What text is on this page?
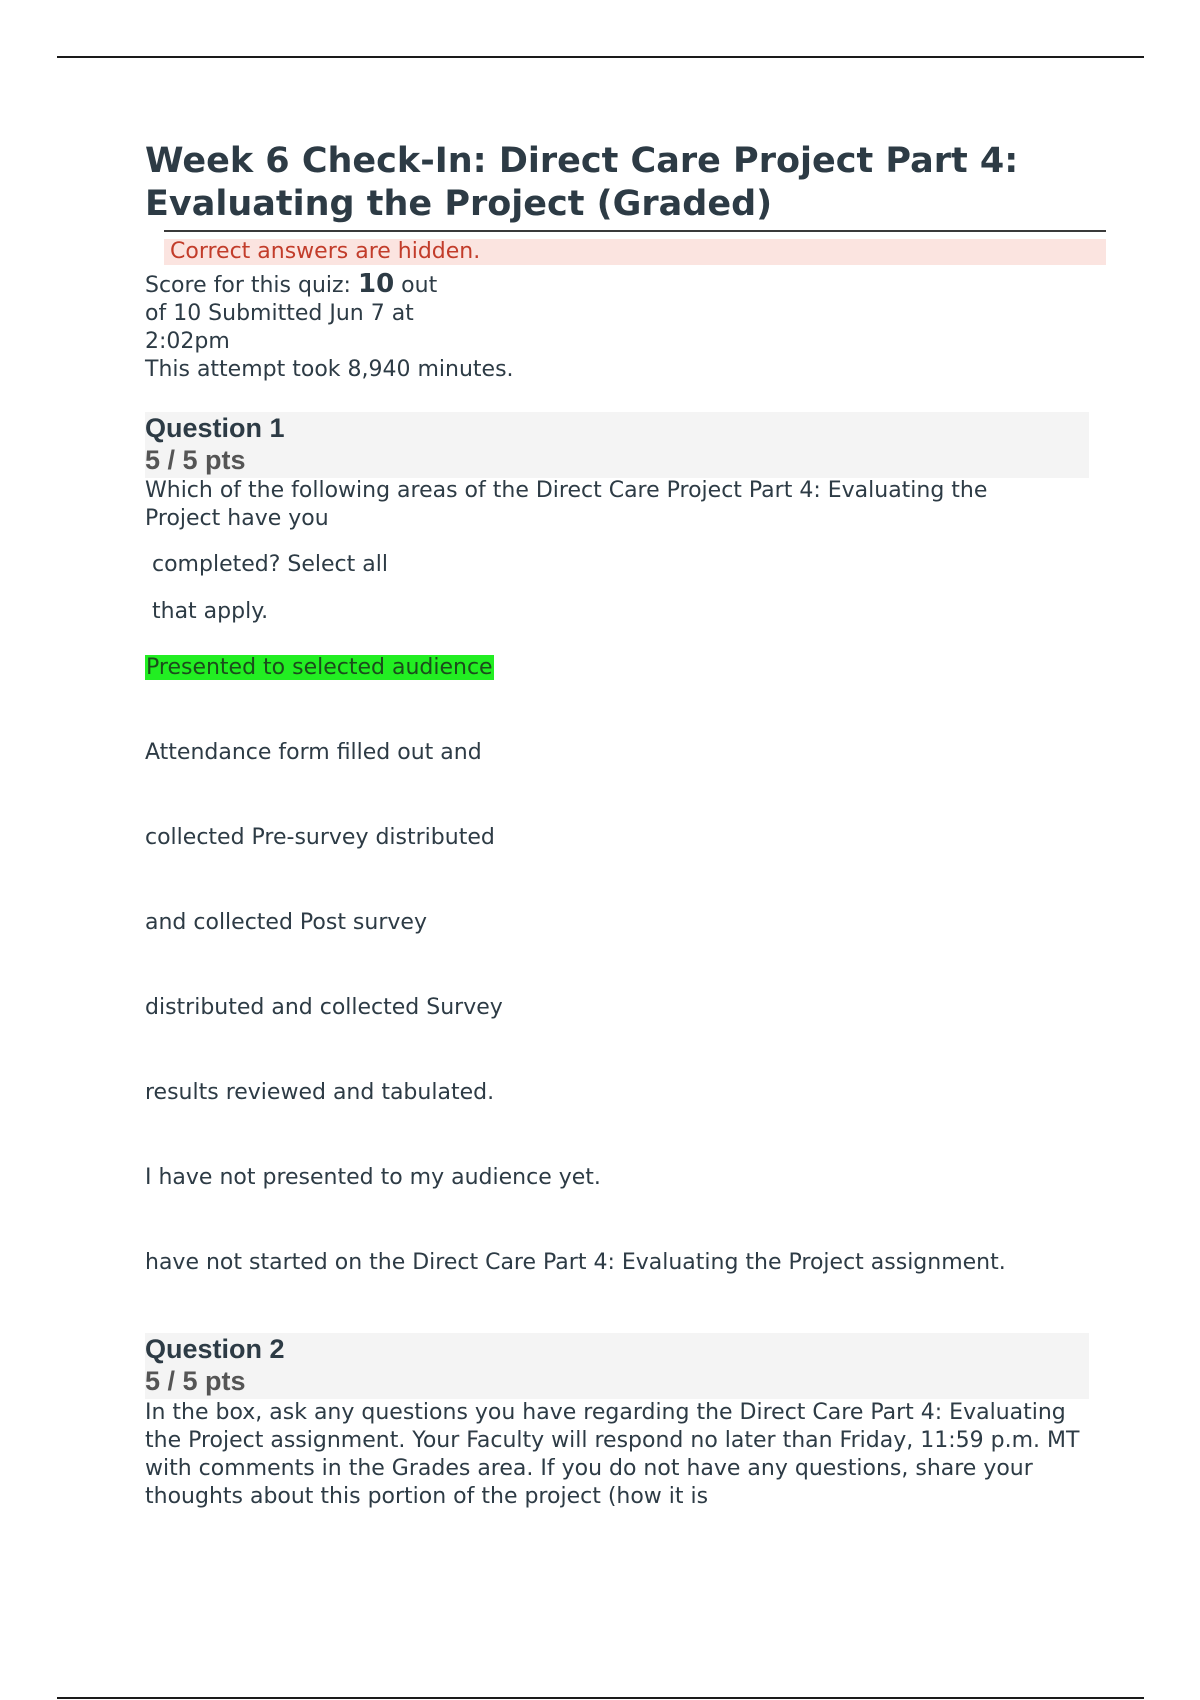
Week 6 Check-In: Direct Care Project Part 4: Evaluating the Project (Graded)
Correct answers are hidden.
Score for this quiz: 10 out
of 10 Submitted Jun 7 at
2:02pm
This attempt took 8,940 minutes.
Question 1
5 / 5 pts
Which of the following areas of the Direct Care Project Part 4: Evaluating the
Project have you
completed? Select all
that apply.
Presented to selected audience
Attendance form filled out and
collected Pre-survey distributed
and collected Post survey
distributed and collected Survey
results reviewed and tabulated.
I have not presented to my audience yet.
have not started on the Direct Care Part 4: Evaluating the Project assignment.
Question 2
5 / 5 pts
In the box, ask any questions you have regarding the Direct Care Part 4: Evaluating the Project assignment. Your Faculty will respond no later than Friday, 11:59 p.m. MT with comments in the Grades area. If you do not have any questions, share your thoughts about this portion of the project (how it is
